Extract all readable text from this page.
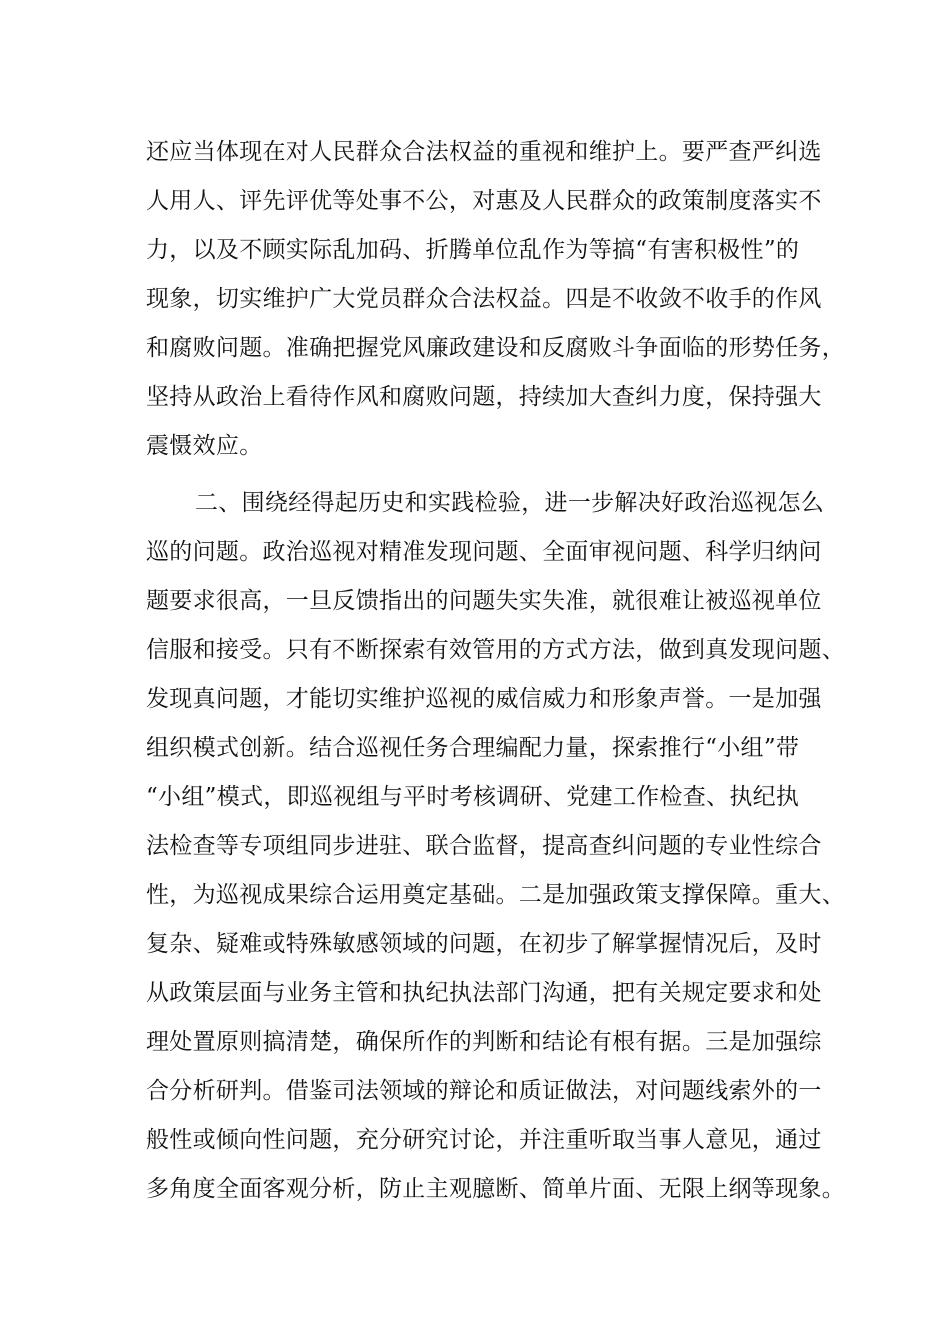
还应当体现在对人民群众合法权益的重视和维护上。要严查严纠选
人用人、评先评优等处事不公，对惠及人民群众的政策制度落实不
力，以及不顾实际乱加码、折腾单位乱作为等搞“有害积极性”的
现象，切实维护广大党员群众合法权益。四是不收敛不收手的作风
和腐败问题。准确把握党风廉政建设和反腐败斗争面临的形势任务，
坚持从政治上看待作风和腐败问题，持续加大查纠力度，保持强大
震慑效应。
二、围绕经得起历史和实践检验，进一步解决好政治巡视怎么
巡的问题。政治巡视对精准发现问题、全面审视问题、科学归纳问
题要求很高，一旦反馈指出的问题失实失准，就很难让被巡视单位
信服和接受。只有不断探索有效管用的方式方法，做到真发现问题、
发现真问题，才能切实维护巡视的威信威力和形象声誉。一是加强
组织模式创新。结合巡视任务合理编配力量，探索推行“小组”带
“小组”模式，即巡视组与平时考核调研、党建工作检查、执纪执
法检查等专项组同步进驻、联合监督，提高查纠问题的专业性综合
性，为巡视成果综合运用奠定基础。二是加强政策支撑保障。重大、
复杂、疑难或特殊敏感领域的问题，在初步了解掌握情况后，及时
从政策层面与业务主管和执纪执法部门沟通，把有关规定要求和处
理处置原则搞清楚，确保所作的判断和结论有根有据。三是加强综
合分析研判。借鉴司法领域的辩论和质证做法，对问题线索外的一
般性或倾向性问题，充分研究讨论，并注重听取当事人意见，通过
多角度全面客观分析，防止主观臆断、简单片面、无限上纲等现象。
